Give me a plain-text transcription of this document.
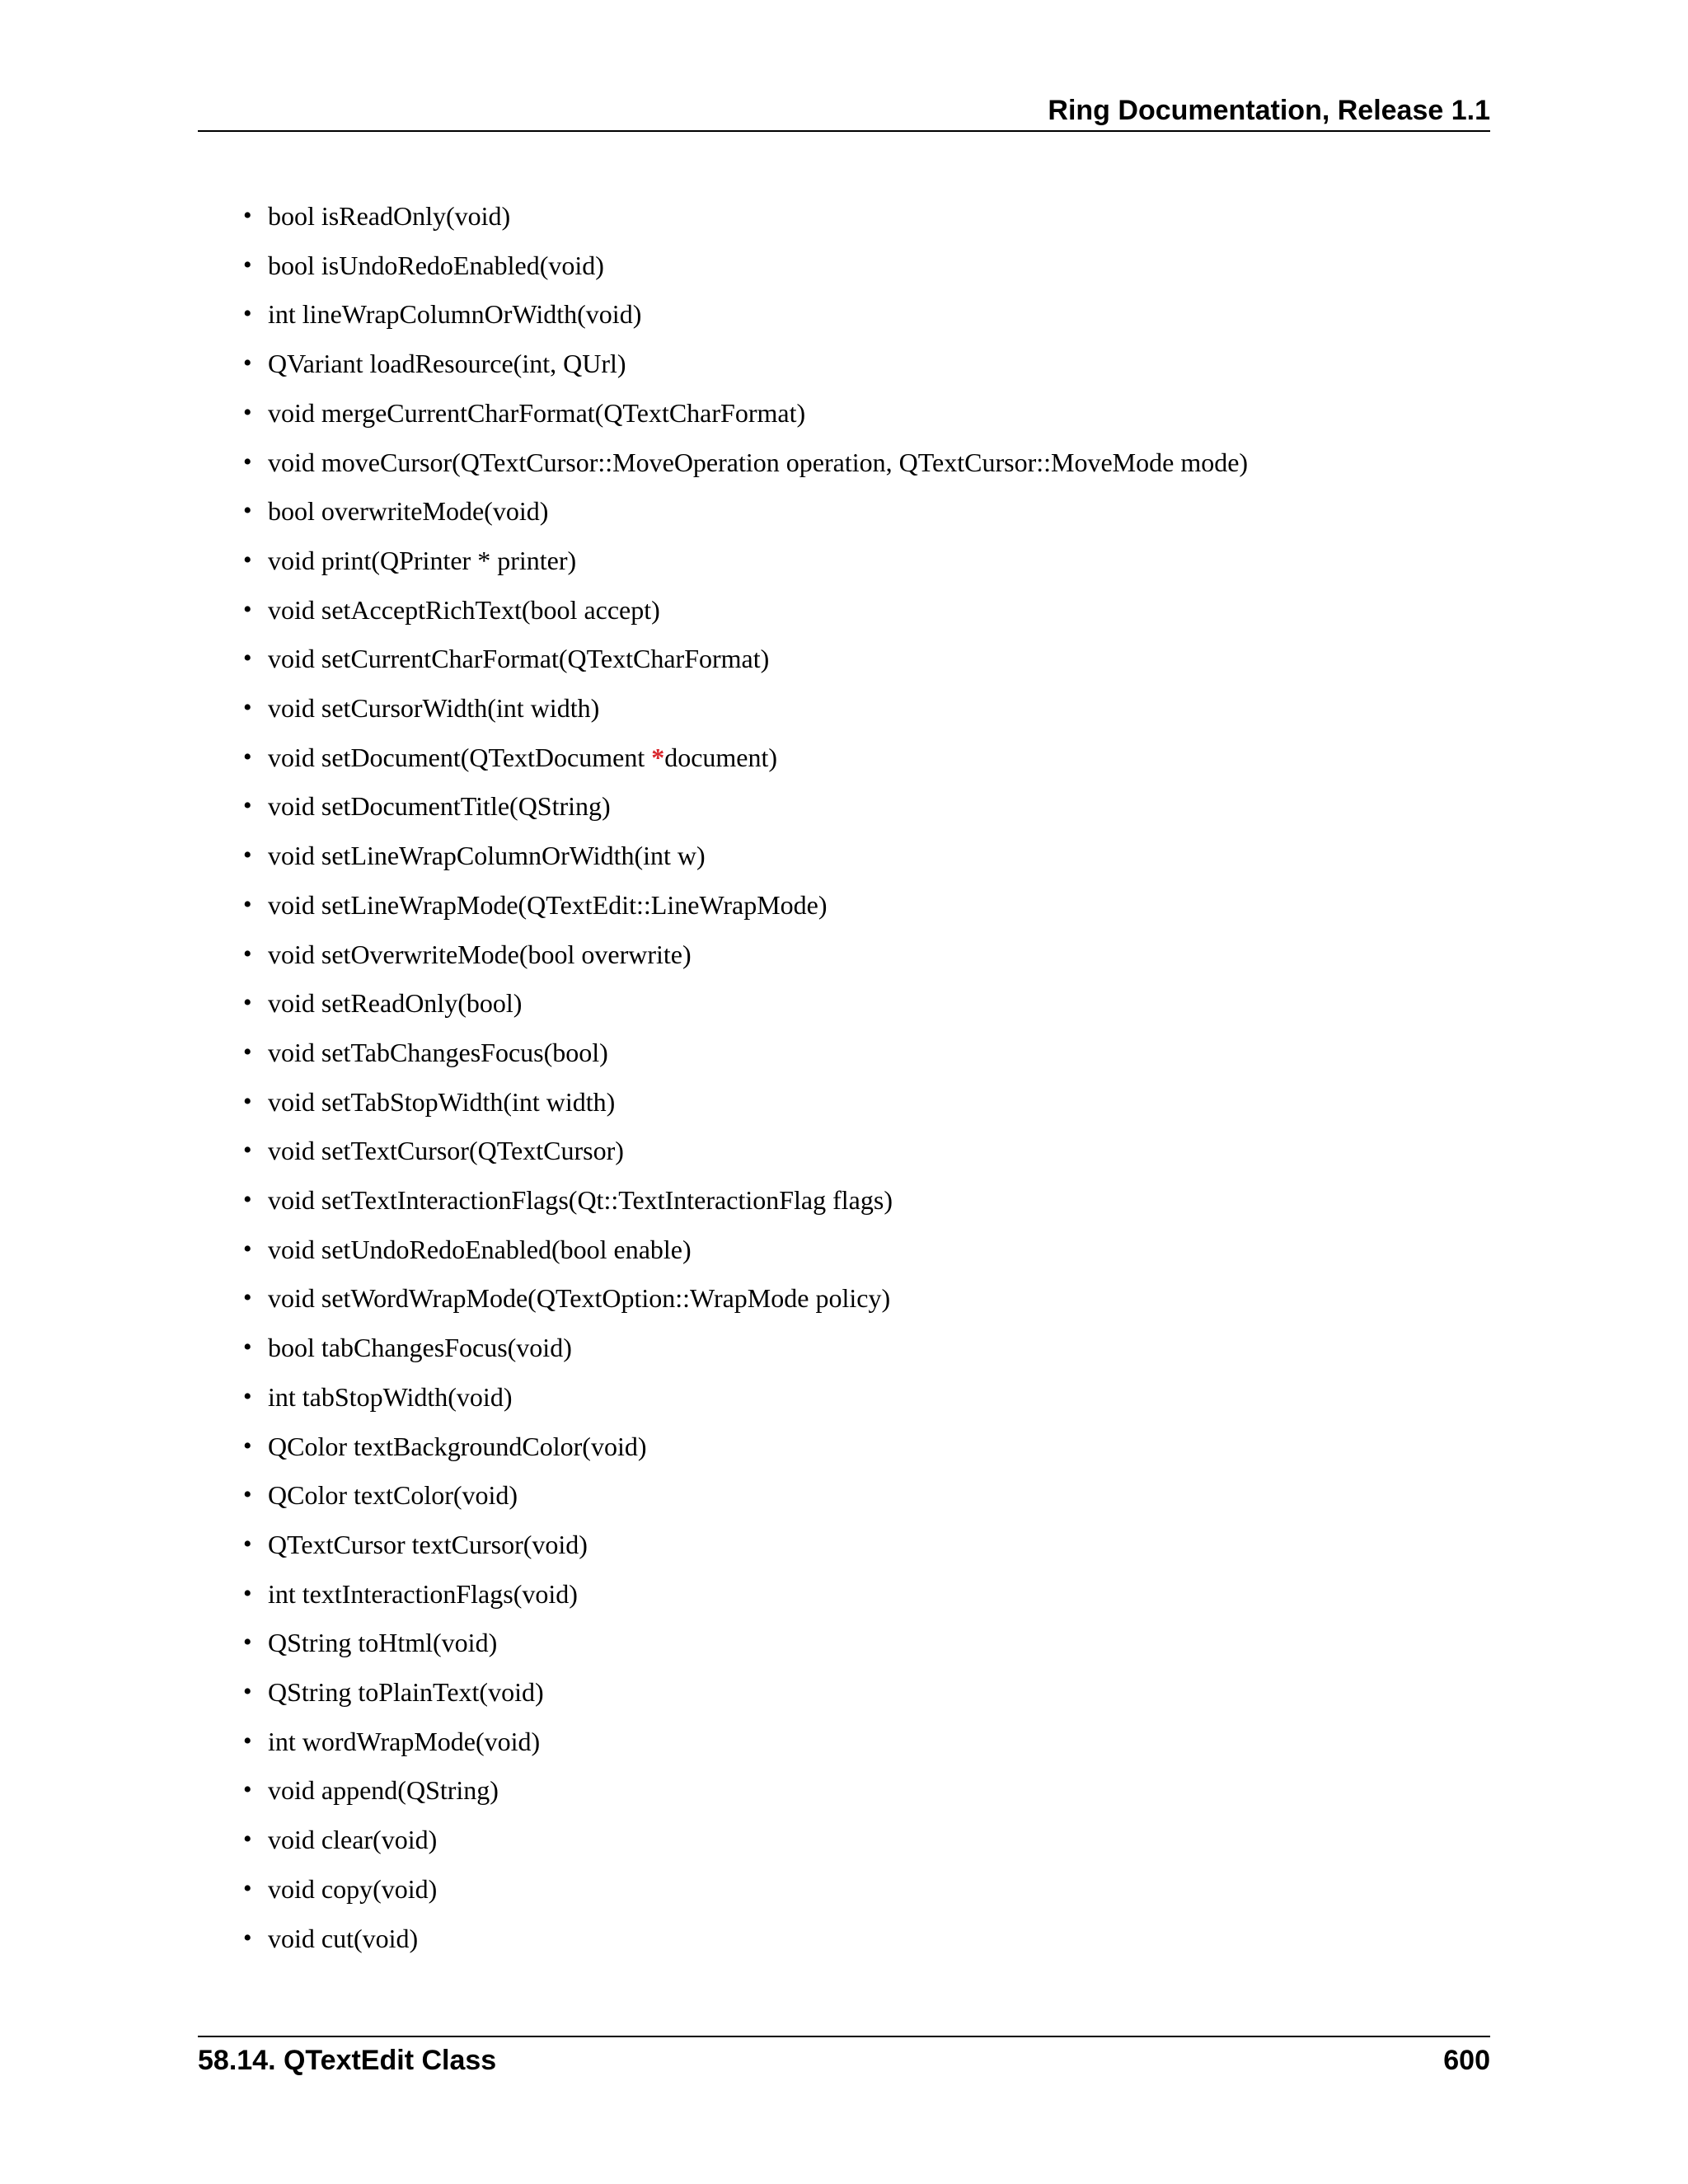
Ring Documentation, Release 1.1
• bool isReadOnly(void)
• bool isUndoRedoEnabled(void)
• int lineWrapColumnOrWidth(void)
• QVariant loadResource(int, QUrl)
• void mergeCurrentCharFormat(QTextCharFormat)
• void moveCursor(QTextCursor::MoveOperation operation, QTextCursor::MoveMode mode)
• bool overwriteMode(void)
• void print(QPrinter * printer)
• void setAcceptRichText(bool accept)
• void setCurrentCharFormat(QTextCharFormat)
• void setCursorWidth(int width)
• void setDocument(QTextDocument *document)
• void setDocumentTitle(QString)
• void setLineWrapColumnOrWidth(int w)
• void setLineWrapMode(QTextEdit::LineWrapMode)
• void setOverwriteMode(bool overwrite)
• void setReadOnly(bool)
• void setTabChangesFocus(bool)
• void setTabStopWidth(int width)
• void setTextCursor(QTextCursor)
• void setTextInteractionFlags(Qt::TextInteractionFlag flags)
• void setUndoRedoEnabled(bool enable)
• void setWordWrapMode(QTextOption::WrapMode policy)
• bool tabChangesFocus(void)
• int tabStopWidth(void)
• QColor textBackgroundColor(void)
• QColor textColor(void)
• QTextCursor textCursor(void)
• int textInteractionFlags(void)
• QString toHtml(void)
• QString toPlainText(void)
• int wordWrapMode(void)
• void append(QString)
• void clear(void)
• void copy(void)
• void cut(void)
58.14. QTextEdit Class	600
